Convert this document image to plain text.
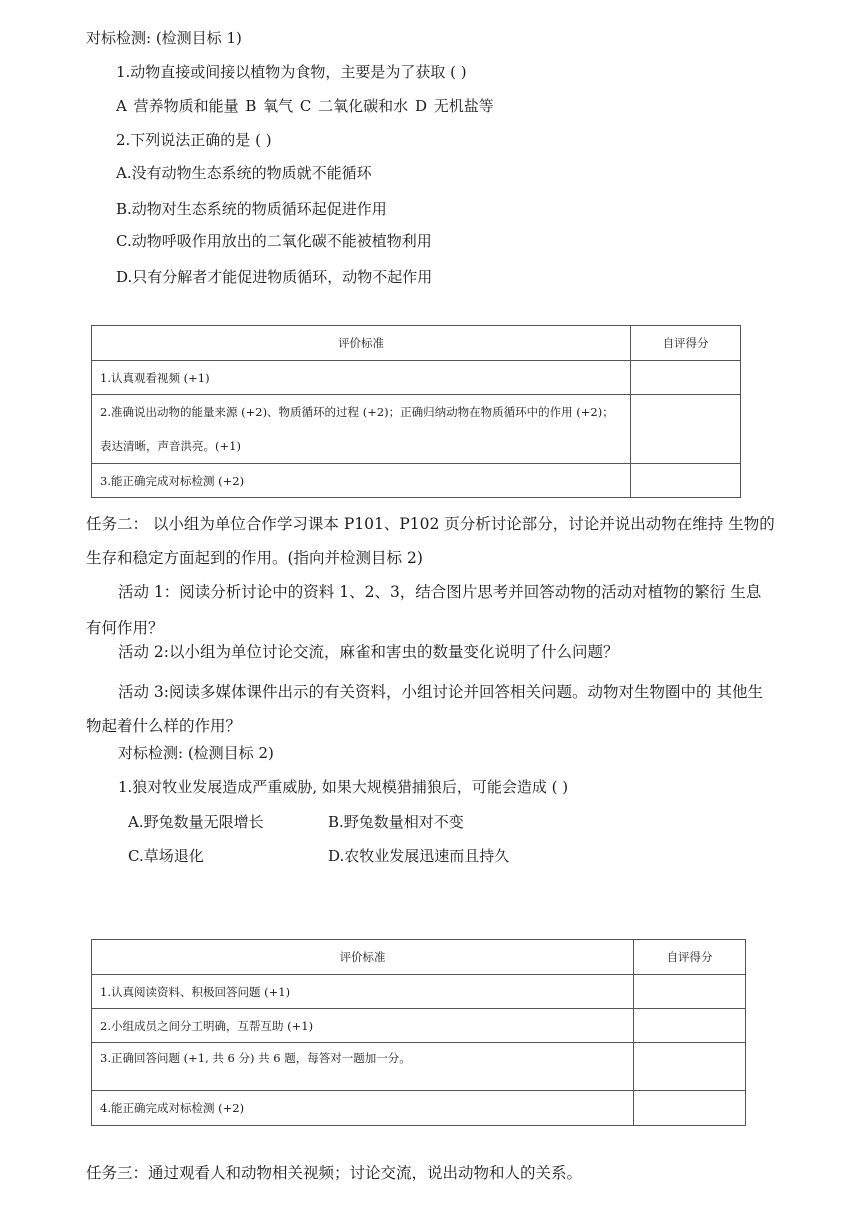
对标检测: (检测目标 1)
1.动物直接或间接以植物为食物，主要是为了获取 ( )
A 营养物质和能量 B 氧气 C 二氧化碳和水 D 无机盐等
2.下列说法正确的是 ( )
A.没有动物生态系统的物质就不能循环
B.动物对生态系统的物质循环起促进作用
C.动物呼吸作用放出的二氧化碳不能被植物利用
D.只有分解者才能促进物质循环，动物不起作用
评价标准	自评得分
1.认真观看视频 (+1)	
2.准确说出动物的能量来源 (+2)、物质循环的过程 (+2)；正确归纳动物在物质循环中的作用 (+2)；表达清晰，声音洪亮。(+1)	
3.能正确完成对标检测 (+2)	
任务二： 以小组为单位合作学习课本 P101、P102 页分析讨论部分，讨论并说出动物在维持 生物的生存和稳定方面起到的作用。(指向并检测目标 2)
活动 1：阅读分析讨论中的资料 1、2、3，结合图片思考并回答动物的活动对植物的繁衍 生息有何作用？
活动 2:以小组为单位讨论交流，麻雀和害虫的数量变化说明了什么问题？
活动 3:阅读多媒体课件出示的有关资料，小组讨论并回答相关问题。动物对生物圈中的 其他生物起着什么样的作用？
对标检测: (检测目标 2)
1.狼对牧业发展造成严重威胁, 如果大规模猎捕狼后，可能会造成 ( )
A.野兔数量无限增长	B.野兔数量相对不变
C.草场退化	D.农牧业发展迅速而且持久
评价标准	自评得分
1.认真阅读资料、积极回答问题 (+1)	
2.小组成员之间分工明确，互帮互助 (+1)	
3.正确回答问题 (+1, 共 6 分) 共 6 题，每答对一题加一分。	
4.能正确完成对标检测 (+2)	
任务三：通过观看人和动物相关视频；讨论交流，说出动物和人的关系。
